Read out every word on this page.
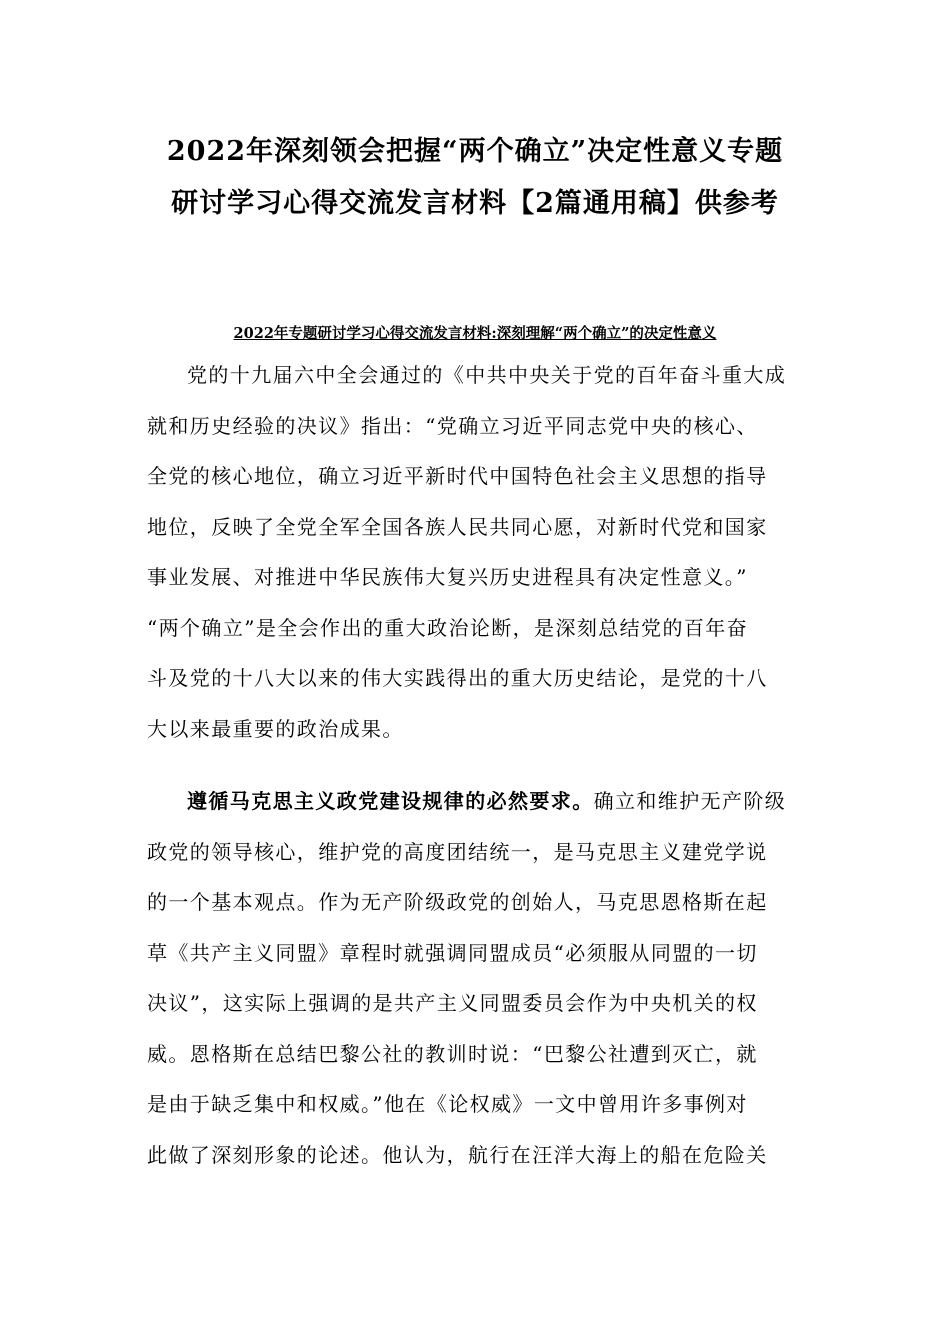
2022年深刻领会把握“两个确立”决定性意义专题
研讨学习心得交流发言材料【2篇通用稿】供参考
2022年专题研讨学习心得交流发言材料:深刻理解“两个确立”的决定性意义
党的十九届六中全会通过的《中共中央关于党的百年奋斗重大成
就和历史经验的决议》指出：“党确立习近平同志党中央的核心、
全党的核心地位，确立习近平新时代中国特色社会主义思想的指导
地位，反映了全党全军全国各族人民共同心愿，对新时代党和国家
事业发展、对推进中华民族伟大复兴历史进程具有决定性意义。”
“两个确立”是全会作出的重大政治论断，是深刻总结党的百年奋
斗及党的十八大以来的伟大实践得出的重大历史结论，是党的十八
大以来最重要的政治成果。
遵循马克思主义政党建设规律的必然要求。确立和维护无产阶级
政党的领导核心，维护党的高度团结统一，是马克思主义建党学说
的一个基本观点。作为无产阶级政党的创始人，马克思恩格斯在起
草《共产主义同盟》章程时就强调同盟成员“必须服从同盟的一切
决议”，这实际上强调的是共产主义同盟委员会作为中央机关的权
威。恩格斯在总结巴黎公社的教训时说：“巴黎公社遭到灭亡，就
是由于缺乏集中和权威。”他在《论权威》一文中曾用许多事例对
此做了深刻形象的论述。他认为，航行在汪洋大海上的船在危险关
